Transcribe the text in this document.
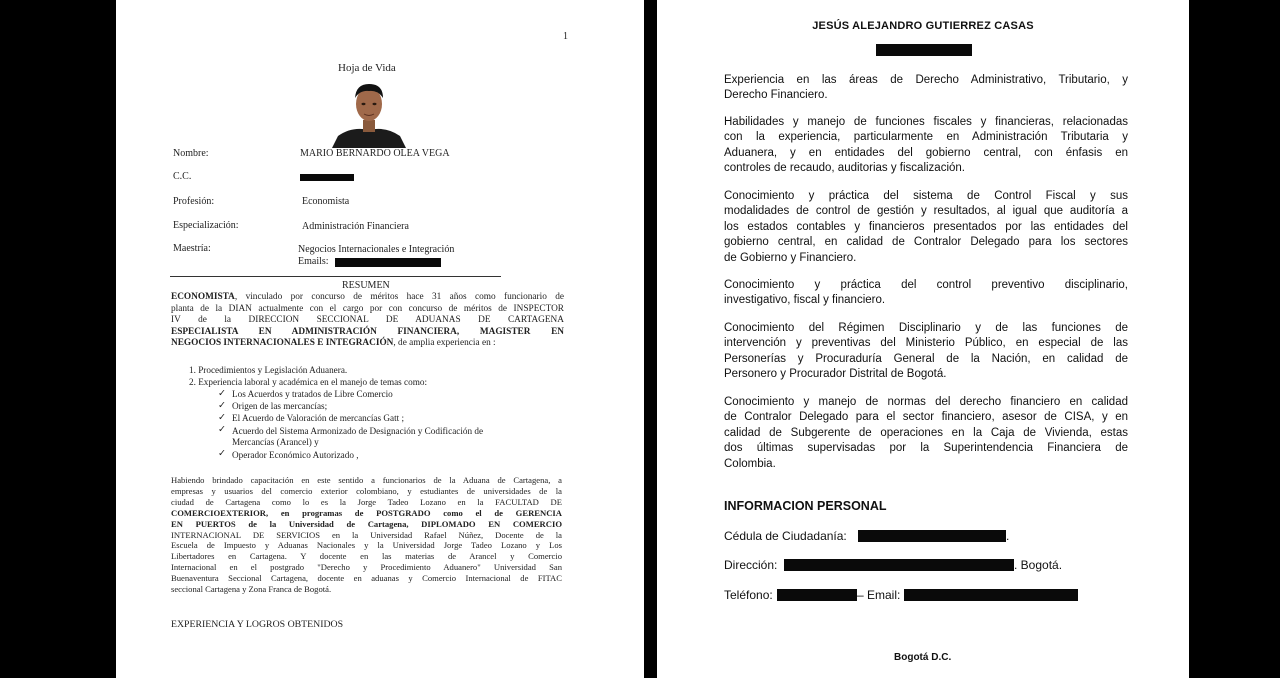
1
Hoja de Vida
Nombre:	MARIO BERNARDO OLEA VEGA
C.C.
Profesión:	Economista
Especialización:	Administración Financiera
Maestría:	Negocios Internacionales e Integración
Emails:
RESUMEN
ECONOMISTA, vinculado por concurso de méritos hace 31 años como funcionario de
planta de la DIAN actualmente con el cargo por con concurso de méritos de INSPECTOR
IV de la DIRECCION SECCIONAL DE ADUANAS DE CARTAGENA
ESPECIALISTA EN ADMINISTRACIÓN FINANCIERA, MAGISTER EN
NEGOCIOS INTERNACIONALES E INTEGRACIÓN, de amplia experiencia en :
1. Procedimientos y Legislación Aduanera.
2. Experiencia laboral y académica en el manejo de temas como:
✓ Los Acuerdos y tratados de Libre Comercio
✓ Origen de las mercancías;
✓ El Acuerdo de Valoración de mercancías Gatt ;
✓ Acuerdo del Sistema Armonizado de Designación y Codificación de
Mercancías (Arancel) y
✓ Operador Económico Autorizado ,
Habiendo brindado capacitación en este sentido a funcionarios de la Aduana de Cartagena, a
empresas y usuarios del comercio exterior colombiano, y estudiantes de universidades de la
ciudad de Cartagena como lo es la Jorge Tadeo Lozano en la FACULTAD DE
COMERCIOEXTERIOR, en programas de POSTGRADO como el de GERENCIA
EN PUERTOS de la Universidad de Cartagena, DIPLOMADO EN COMERCIO
INTERNACIONAL DE SERVICIOS en la Universidad Rafael Núñez, Docente de la
Escuela de Impuesto y Aduanas Nacionales y la Universidad Jorge Tadeo Lozano y Los
Libertadores en Cartagena. Y docente en las materias de Arancel y Comercio
Internacional en el postgrado "Derecho y Procedimiento Aduanero" Universidad San
Buenaventura Seccional Cartagena, docente en aduanas y Comercio Internacional de FITAC
seccional Cartagena y Zona Franca de Bogotá.
EXPERIENCIA Y LOGROS OBTENIDOS
JESÚS ALEJANDRO GUTIERREZ CASAS
Experiencia en las áreas de Derecho Administrativo, Tributario, y
Derecho Financiero.
Habilidades y manejo de funciones fiscales y financieras, relacionadas
con la experiencia, particularmente en Administración Tributaria y
Aduanera, y en entidades del gobierno central, con énfasis en
controles de recaudo, auditorias y fiscalización.
Conocimiento y práctica del sistema de Control Fiscal y sus
modalidades de control de gestión y resultados, al igual que auditoría a
los estados contables y financieros presentados por las entidades del
gobierno central, en calidad de Contralor Delegado para los sectores
de Gobierno y Financiero.
Conocimiento y práctica del control preventivo disciplinario,
investigativo, fiscal y financiero.
Conocimiento del Régimen Disciplinario y de las funciones de
intervención y preventivas del Ministerio Público, en especial de las
Personerías y Procuraduría General de la Nación, en calidad de
Personero y Procurador Distrital de Bogotá.
Conocimiento y manejo de normas del derecho financiero en calidad
de Contralor Delegado para el sector financiero, asesor de CISA, y en
calidad de Subgerente de operaciones en la Caja de Vivienda, estas
dos últimas supervisadas por la Superintendencia Financiera de
Colombia.
INFORMACION PERSONAL
Cédula de Ciudadanía:	.
Dirección:	. Bogotá.
Teléfono:	– Email:
Bogotá D.C.
